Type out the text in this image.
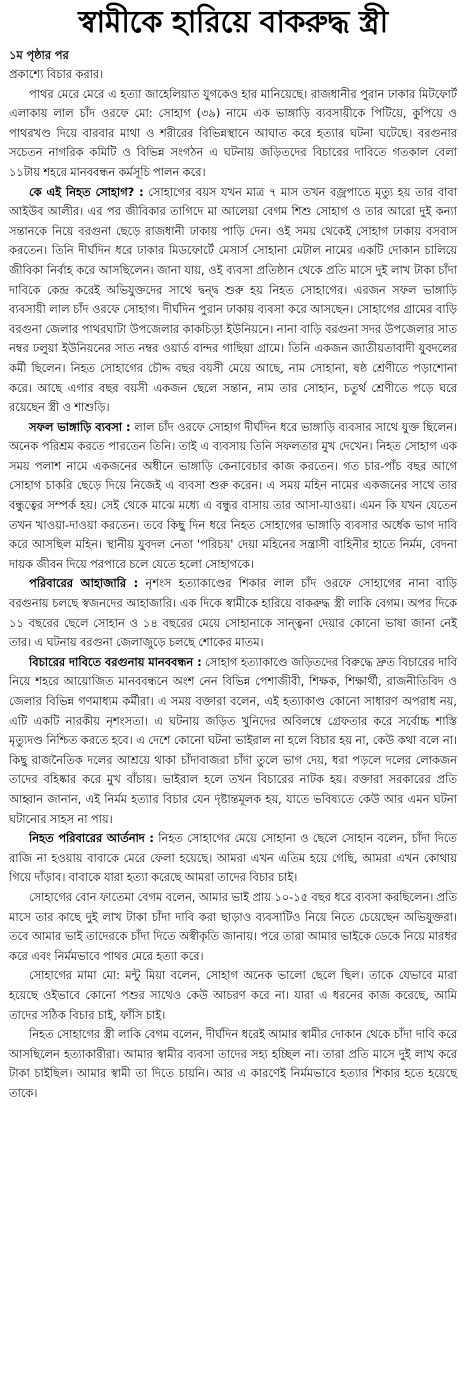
স্বামীকে হারিয়ে বাকরুদ্ধ স্ত্রী

১ম পৃষ্ঠার পর

প্রকাশ্যে বিচার করার।

পাথর মেরে মেরে এ হত্যা জাহেলিয়াত যুগকেও হার মানিয়েছে। রাজধানীর পুরান ঢাকার মিটফোর্ট এলাকায় লাল চাঁদ ওরফে মো: সোহাগ (৩৯) নামে এক ভাঙ্গাড়ি ব্যবসায়ীকে পিটিয়ে, কুপিয়ে ও পাথরখণ্ড দিয়ে বারবার মাথা ও শরীরের বিভিন্নস্থানে আঘাত করে হত্যার ঘটনা ঘটেছে। বরগুনার সচেতন নাগরিক কমিটি ও বিভিন্ন সংগঠন এ ঘটনায় জড়িতদের বিচারের দাবিতে গতকাল বেলা ১১টায় শহরে মানববন্ধন কর্মসূচি পালন করে।

কে এই নিহত সোহাগ? : সোহাগের বয়স যখন মাত্র ৭ মাস তখন বজ্রপাতে মৃত্যু হয় তার বাবা আইউব আলীর। এর পর জীবিকার তাগিদে মা আলেয়া বেগম শিশু সোহাগ ও তার আরো দুই কন্যা সন্তানকে নিয়ে বরগুনা ছেড়ে রাজধানী ঢাকায় পাড়ি দেন। ওই সময় থেকেই সোহাগ ঢাকায় বসবাস করতেন। তিনি দীর্ঘদিন ধরে ঢাকার মিডফোর্টে মেসার্স সোহানা মেটাল নামের একটি দোকান চালিয়ে জীবিকা নির্বাহ করে আসছিলেন। জানা যায়, ওই ব্যবসা প্রতিষ্ঠান থেকে প্রতি মাসে দুই লাখ টাকা চাঁদা দাবিকে কেন্দ্র করেই অভিযুক্তদের সাথে দ্বন্দ্ব শুরু হয় নিহত সোহাগের। এরজন সফল ভাঙ্গাড়ি ব্যবসায়ী লাল চাঁদ ওরফে সোহাগ। দীর্ঘদিন পুরান ঢাকায় ব্যবসা করে আসছেন। সোহাগের গ্রামের বাড়ি বরগুনা জেলার পাথরঘাটা উপজেলার কাকচিড়া ইউনিয়নে। নানা বাড়ি বরগুনা সদর উপজেলার সাত নম্বর ঢলুয়া ইউনিয়নের সাত নম্বর ওয়ার্ড বান্দর গাছিয়া গ্রামে। তিনি একজন জাতীয়তাবাদী যুবদলের কর্মী ছিলেন। নিহত সোহাগের চৌদ্দ বছর বয়সী মেয়ে আছে, নাম সোহানা, ষষ্ঠ শ্রেণীতে পড়াশোনা করে। আছে এগার বছর বয়সী একজন ছেলে সন্তান, নাম তার সোহান, চতুর্থ শ্রেণীতে পড়ে ঘরে রয়েছেন স্ত্রী ও শাশুড়ি।

সফল ভাঙ্গাড়ি ব্যবসা : লাল চাঁদ ওরফে সোহাগ দীর্ঘদিন ধরে ভাঙ্গাড়ি ব্যবসার সাথে যুক্ত ছিলেন। অনেক পরিশ্রম করতে পারতেন তিনি। তাই এ ব্যবসায় তিনি সফলতার মুখ দেখেন। নিহত সোহাগ এক সময় পলাশ নামে একজনের অধীনে ভাঙ্গাড়ি কেনাবেচার কাজ করতেন। গত চার-পাঁচ বছর আগে সোহাগ চাকরি ছেড়ে দিয়ে নিজেই এ ব্যবসা শুরু করেন। এ সময় মহিন নামের একজনের সাথে তার বন্ধুত্বের সম্পর্ক হয়। সেই থেকে মাঝে মধ্যে এ বন্ধুর বাসায় তার আসা-যাওয়া। এমন কি যখন যেতেন তখন খাওয়া-দাওয়া করতেন। তবে কিছু দিন ধরে নিহত সোহাগের ভাঙ্গাড়ি ব্যবসার অর্ধেক ভাগ দাবি করে আসছিল মহিন। স্থানীয় যুবদল নেতা 'পরিচয়' দেয়া মহিনের সন্ত্রাসী বাহিনীর হাতে নির্মম, বেদনা দায়ক জীবন দিয়ে পরপারে চলে যেতে হলো সোহাগকে।

পরিবারের আহাজারি : নৃশংস হত্যাকাণ্ডের শিকার লাল চাঁদ ওরফে সোহাগের নানা বাড়ি বরগুনায় চলছে স্বজনদের আহাজারি। এক দিকে স্বামীকে হারিয়ে বাকরুদ্ধ স্ত্রী লাকি বেগম। অপর দিকে ১১ বছরের ছেলে সোহান ও ১৪ বছরের মেয়ে সোহানাকে সান্ত্বনা দেয়ার কোনো ভাষা জানা নেই তার। এ ঘটনায় বরগুনা জেলাজুড়ে চলছে শোকের মাতম।

বিচারের দাবিতে বরগুনায় মানববন্ধন : সোহাগ হত্যাকাণ্ডে জড়িতদের বিরুদ্ধে দ্রুত বিচারের দাবি নিয়ে শহরে আয়োজিত মানববন্ধনে অংশ নেন বিভিন্ন পেশাজীবী, শিক্ষক, শিক্ষার্থী, রাজনীতিবিদ ও জেলার বিভিন্ন গণমাধ্যম কর্মীরা। এ সময় বক্তারা বলেন, এই হত্যাকাণ্ড কোনো সাধারণ অপরাধ নয়, এটি একটি নারকীয় নৃশংসতা। এ ঘটনায় জড়িত খুনিদের অবিলম্বে গ্রেফতার করে সর্বোচ্চ শাস্তি মৃত্যুদণ্ড নিশ্চিত করতে হবে। এ দেশে কোনো ঘটনা ভাইরাল না হলে বিচার হয় না, কেউ কথা বলে না। কিছু রাজনৈতিক দলের আশ্রয়ে থাকা চাঁদাবাজরা চাঁদা তুলে ভাগ দেয়, ধরা পড়লে দলের লোকজন তাদের বহিষ্কার করে মুখ বাঁচায়। ভাইরাল হলে তখন বিচারের নাটক হয়। বক্তারা সরকারের প্রতি আহ্বান জানান, এই নির্মম হত্যার বিচার যেন দৃষ্টান্তমূলক হয়, যাতে ভবিষ্যতে কেউ আর এমন ঘটনা ঘটানোর সাহস না পায়।

নিহত পরিবারের আর্তনাদ : নিহত সোহাগের মেয়ে সোহানা ও ছেলে সোহান বলেন, চাঁদা দিতে রাজি না হওয়ায় বাবাকে মেরে ফেলা হয়েছে। আমরা এখন এতিম হয়ে গেছি, আমরা এখন কোথায় গিয়ে দাঁড়াব। বাবাকে যারা হত্যা করেছে আমরা তাদের বিচার চাই।

সোহাগের বোন ফাতেমা বেগম বলেন, আমার ভাই প্রায় ১০-১৫ বছর ধরে ব্যবসা করছিলেন। প্রতি মাসে তার কাছে দুই লাখ টাকা চাঁদা দাবি করা ছাড়াও ব্যবসাটিও নিয়ে নিতে চেয়েছেন অভিযুক্তরা। তবে আমার ভাই তাদেরকে চাঁদা দিতে অস্বীকৃতি জানায়। পরে তারা আমার ভাইকে ডেকে নিয়ে মারধর করে এবং নির্মমভাবে পাথর মেরে হত্যা করে।

সোহাগের মামা মো: মন্টু মিয়া বলেন, সোহাগ অনেক ভালো ছেলে ছিল। তাকে যেভাবে মারা হয়েছে ওইভাবে কোনো পশুর সাথেও কেউ আচরণ করে না। যারা এ ধরনের কাজ করেছে, আমি তাদের সঠিক বিচার চাই, ফাঁসি চাই।

নিহত সোহাগের স্ত্রী লাকি বেগম বলেন, দীর্ঘদিন ধরেই আমার স্বামীর দোকান থেকে চাঁদা দাবি করে আসছিলেন হত্যাকারীরা। আমার স্বামীর ব্যবসা তাদের সহ্য হচ্ছিল না। তারা প্রতি মাসে দুই লাখ করে টাকা চাইছিল। আমার স্বামী তা দিতে চায়নি। আর এ কারণেই নির্মমভাবে হত্যার শিকার হতে হয়েছে তাকে।
